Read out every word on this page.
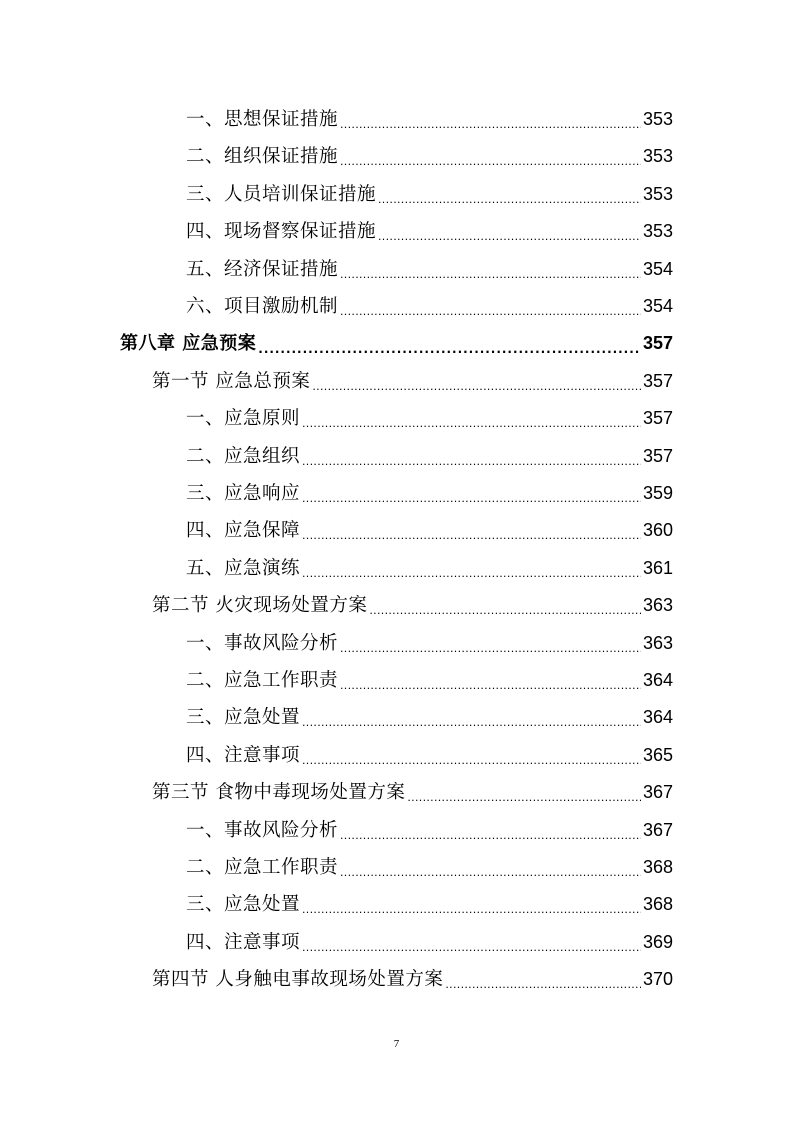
一、思想保证措施 . . .	353
二、组织保证措施 . . .	353
三、人员培训保证措施 . . .	353
四、现场督察保证措施 . . .	353
五、经济保证措施 . . .	354
六、项目激励机制 . . .	354
第八章 应急预案 . . .	357
第一节 应急总预案 . . .	357
一、应急原则 . . .	357
二、应急组织 . . .	357
三、应急响应 . . .	359
四、应急保障 . . .	360
五、应急演练 . . .	361
第二节 火灾现场处置方案 . . .	363
一、事故风险分析 . . .	363
二、应急工作职责 . . .	364
三、应急处置 . . .	364
四、注意事项 . . .	365
第三节 食物中毒现场处置方案 . . .	367
一、事故风险分析 . . .	367
二、应急工作职责 . . .	368
三、应急处置 . . .	368
四、注意事项 . . .	369
第四节 人身触电事故现场处置方案 . . .	370
7
